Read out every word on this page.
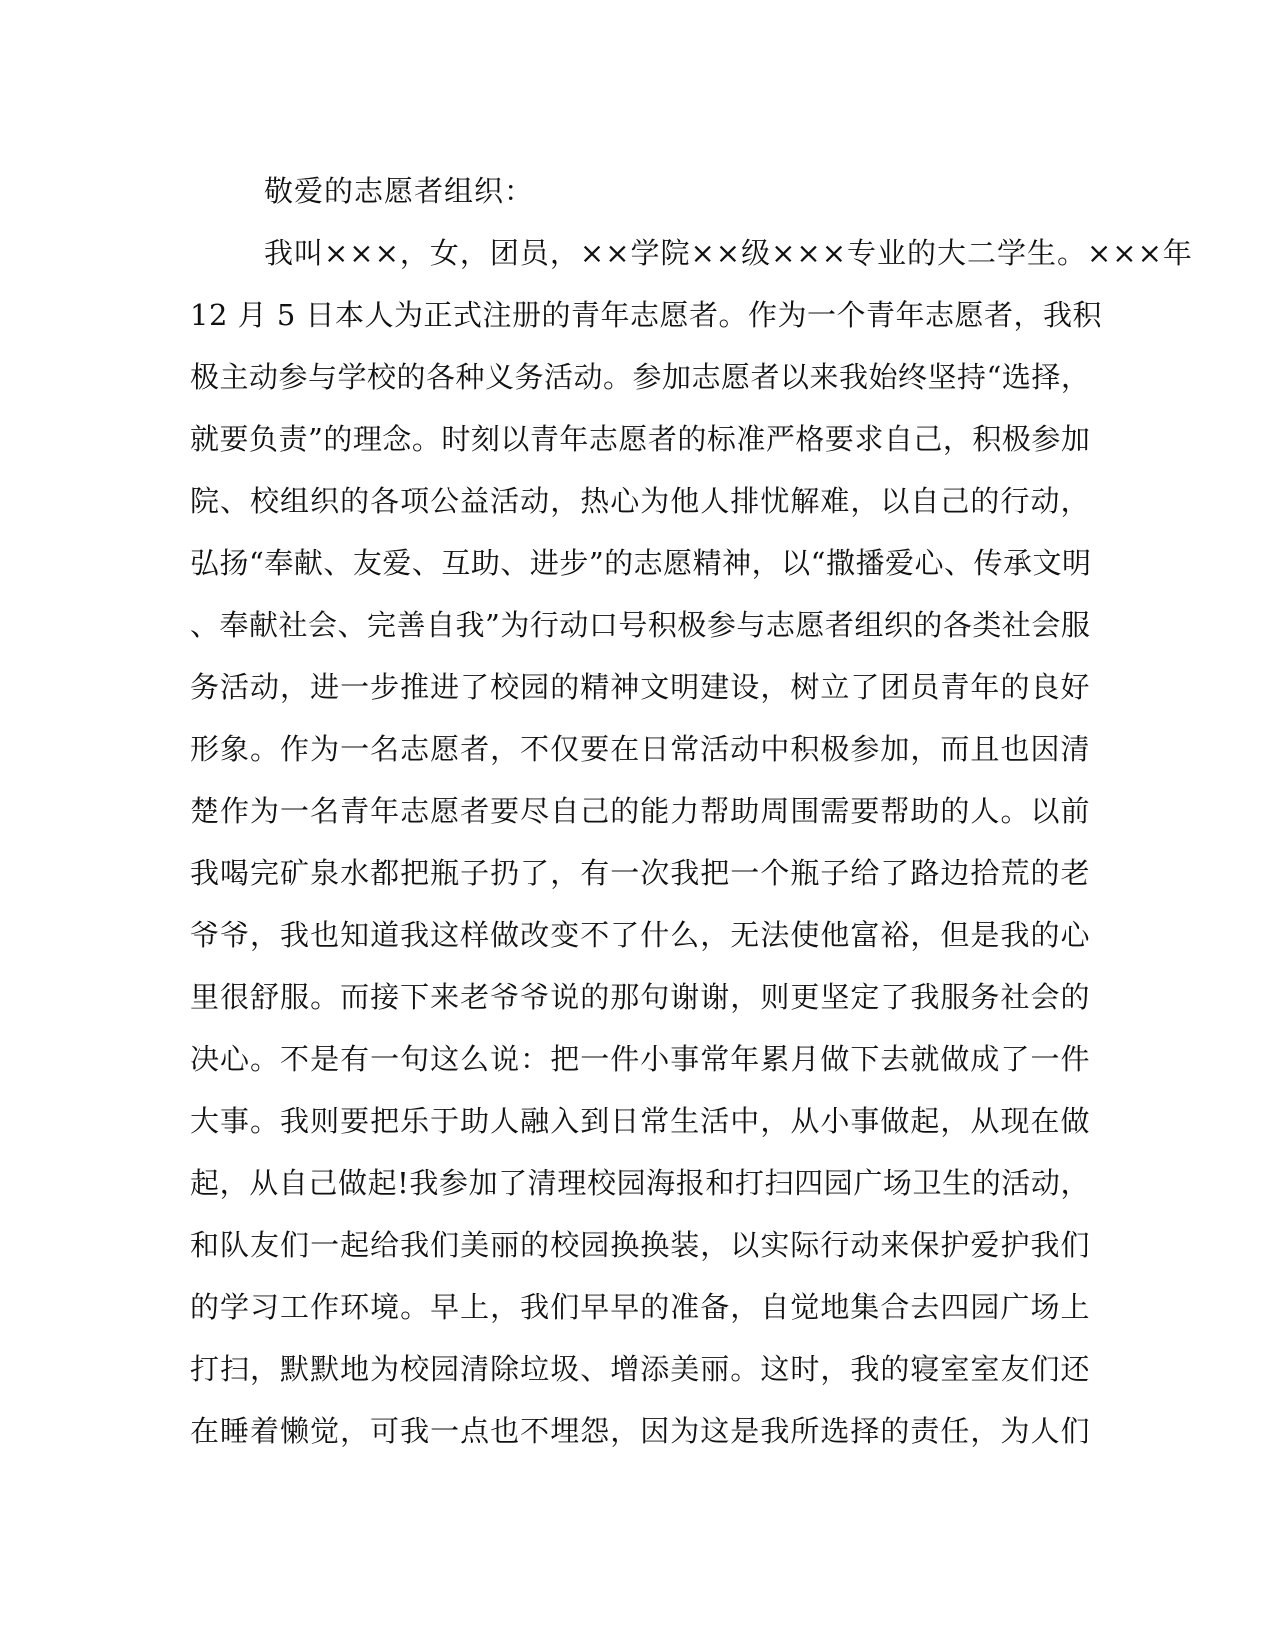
敬爱的志愿者组织：
我叫×××，女，团员，××学院××级×××专业的大二学生。×××年
12 月 5 日本人为正式注册的青年志愿者。作为一个青年志愿者，我积
极主动参与学校的各种义务活动。参加志愿者以来我始终坚持“选择，
就要负责”的理念。时刻以青年志愿者的标准严格要求自己，积极参加
院、校组织的各项公益活动，热心为他人排忧解难，以自己的行动，
弘扬“奉献、友爱、互助、进步”的志愿精神，以“撒播爱心、传承文明
、奉献社会、完善自我”为行动口号积极参与志愿者组织的各类社会服
务活动，进一步推进了校园的精神文明建设，树立了团员青年的良好
形象。作为一名志愿者，不仅要在日常活动中积极参加，而且也因清
楚作为一名青年志愿者要尽自己的能力帮助周围需要帮助的人。以前
我喝完矿泉水都把瓶子扔了，有一次我把一个瓶子给了路边拾荒的老
爷爷，我也知道我这样做改变不了什么，无法使他富裕，但是我的心
里很舒服。而接下来老爷爷说的那句谢谢，则更坚定了我服务社会的
决心。不是有一句这么说：把一件小事常年累月做下去就做成了一件
大事。我则要把乐于助人融入到日常生活中，从小事做起，从现在做
起，从自己做起!我参加了清理校园海报和打扫四园广场卫生的活动，
和队友们一起给我们美丽的校园换换装，以实际行动来保护爱护我们
的学习工作环境。早上，我们早早的准备，自觉地集合去四园广场上
打扫，默默地为校园清除垃圾、增添美丽。这时，我的寝室室友们还
在睡着懒觉，可我一点也不埋怨，因为这是我所选择的责任，为人们
